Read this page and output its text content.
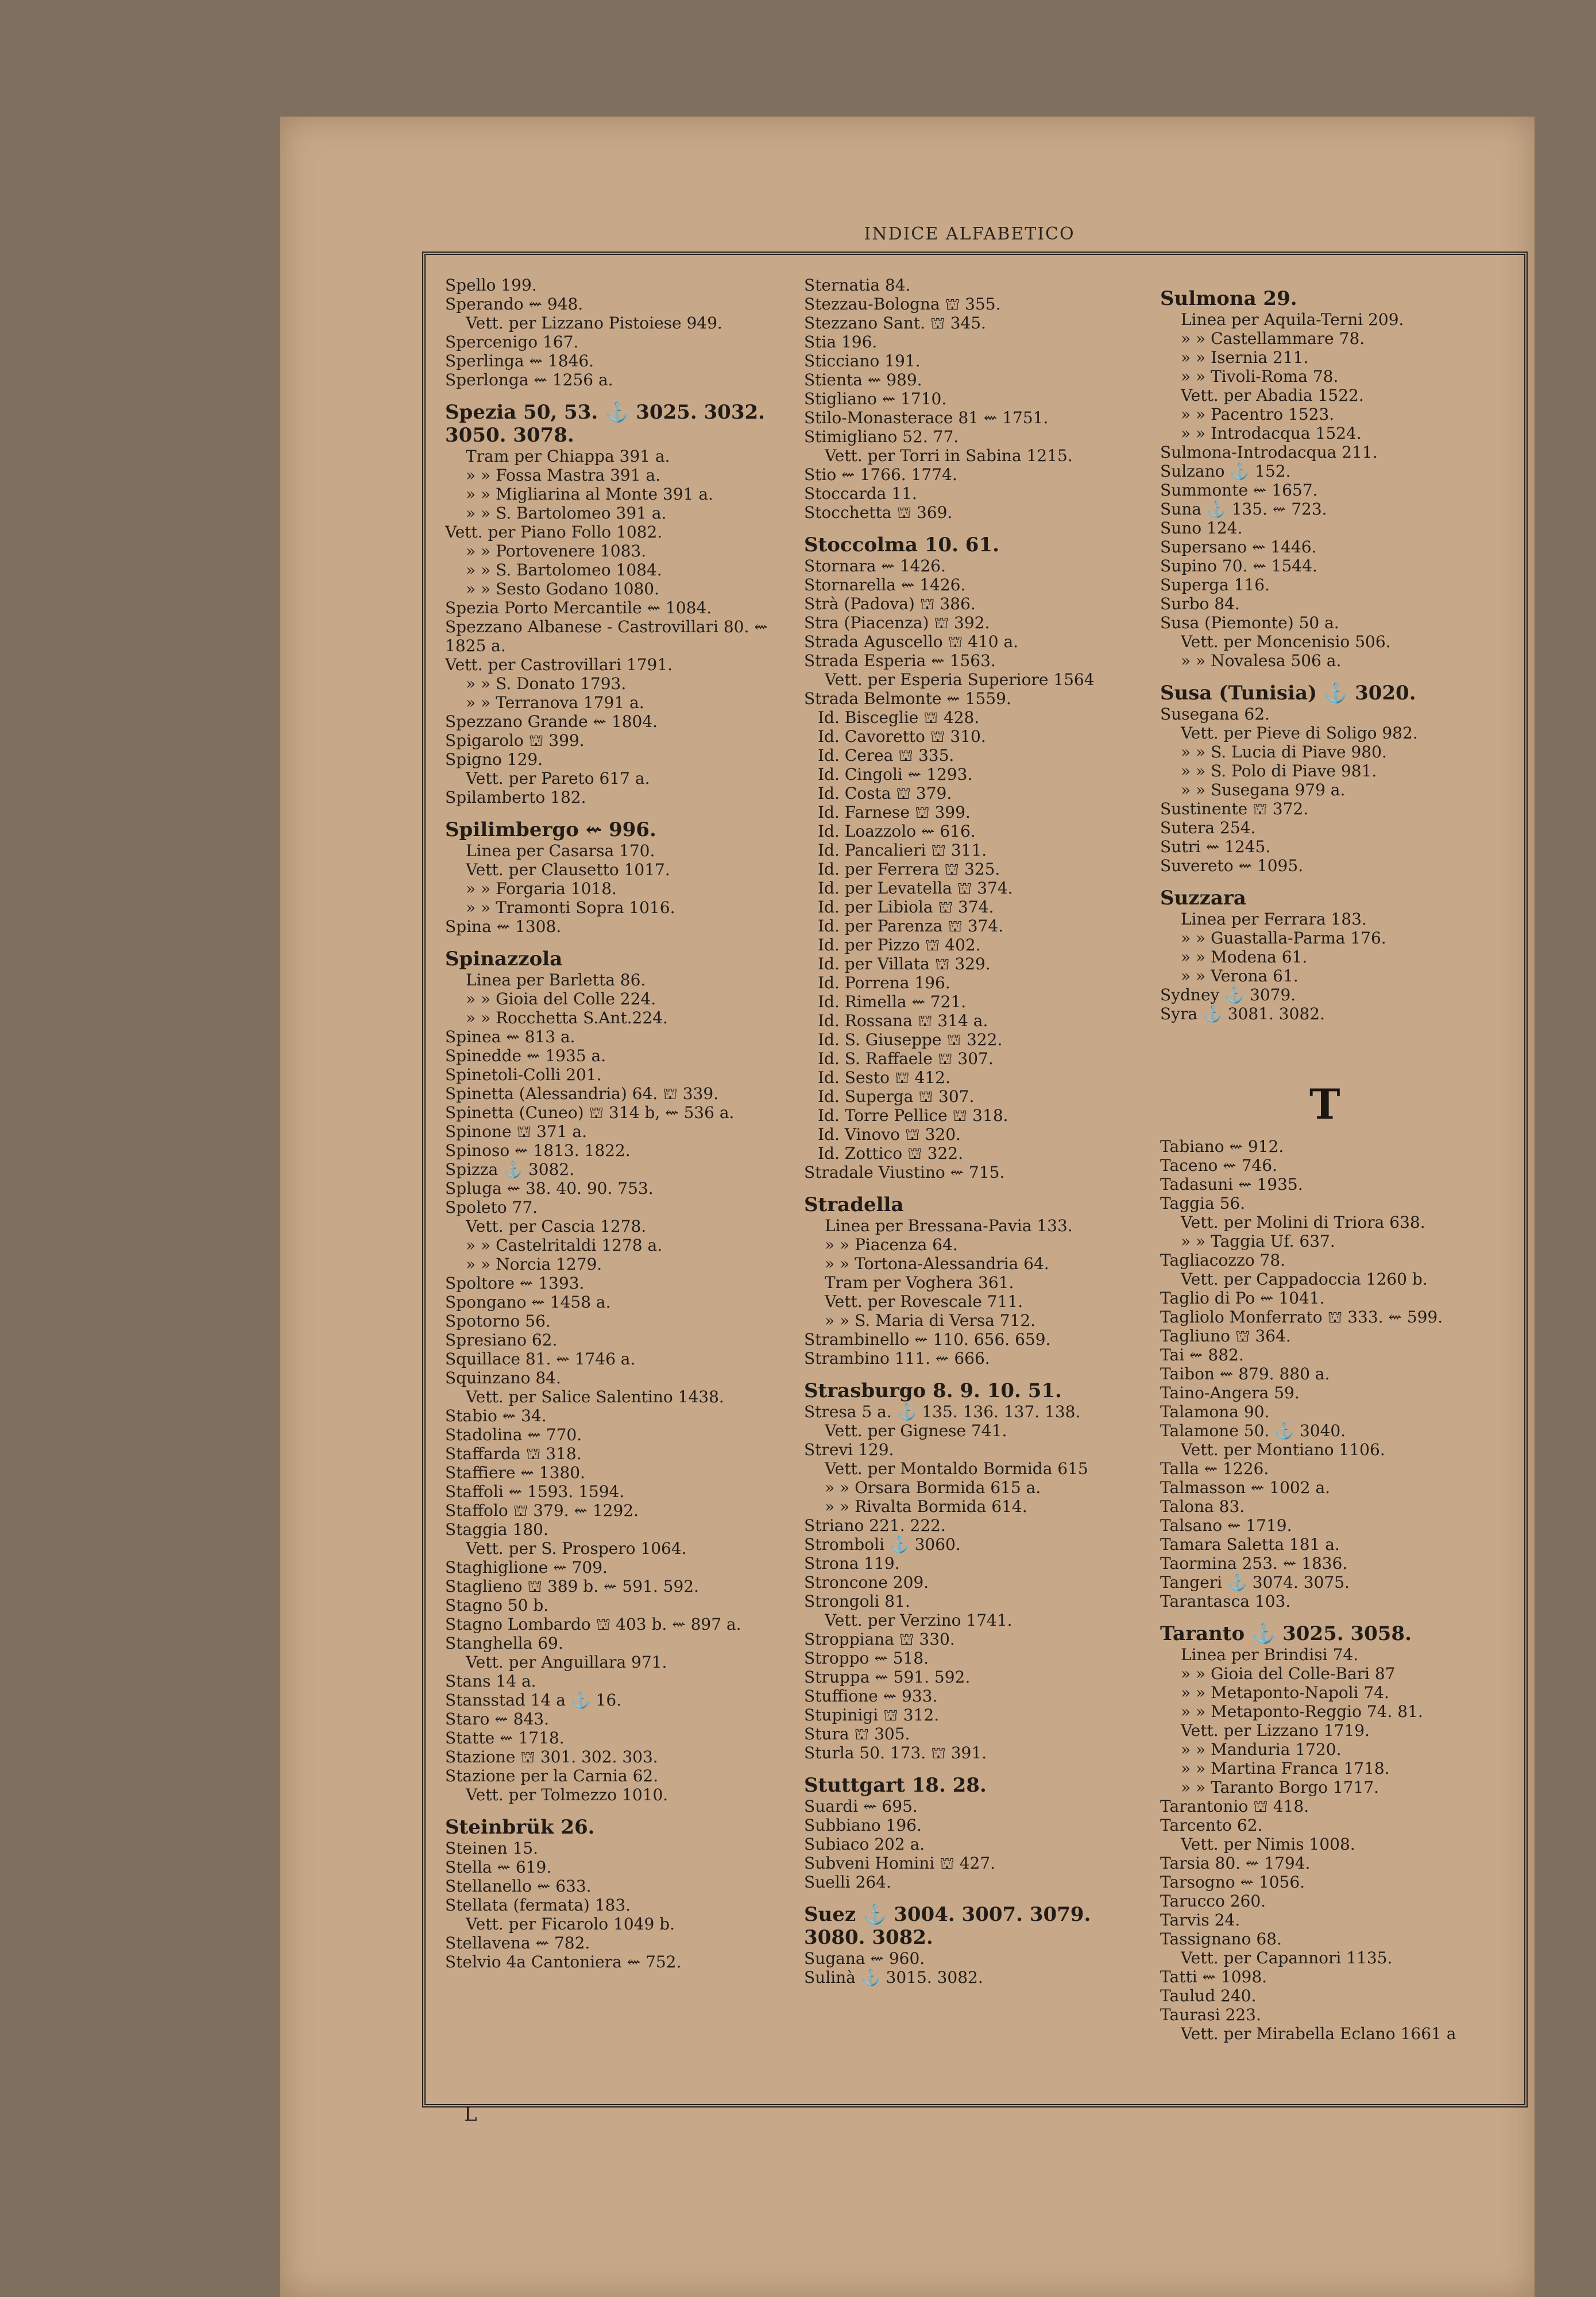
INDICE ALFABETICO
Spello 199.
Sperando ⇜ 948.
Vett. per Lizzano Pistoiese 949.
Spercenigo 167.
Sperlinga ⇜ 1846.
Sperlonga ⇜ 1256 a.
Spezia 50, 53. ⚓ 3025. 3032. 3050. 3078.
Tram per Chiappa 391 a.
» » Fossa Mastra 391 a.
» » Migliarina al Monte 391 a.
» » S. Bartolomeo 391 a.
Vett. per Piano Follo 1082.
» » Portovenere 1083.
» » S. Bartolomeo 1084.
» » Sesto Godano 1080.
Spezia Porto Mercantile ⇜ 1084.
Spezzano Albanese - Castrovillari 80. ⇜ 1825 a.
Vett. per Castrovillari 1791.
» » S. Donato 1793.
» » Terranova 1791 a.
Spezzano Grande ⇜ 1804.
Spigarolo ⛫ 399.
Spigno 129.
Vett. per Pareto 617 a.
Spilamberto 182.
Spilimbergo ⇜ 996.
Linea per Casarsa 170.
Vett. per Clausetto 1017.
» » Forgaria 1018.
» » Tramonti Sopra 1016.
Spina ⇜ 1308.
Spinazzola
Linea per Barletta 86.
» » Gioia del Colle 224.
» » Rocchetta S.Ant.224.
Spinea ⇜ 813 a.
Spinedde ⇜ 1935 a.
Spinetoli-Colli 201.
Spinetta (Alessandria) 64. ⛫ 339.
Spinetta (Cuneo) ⛫ 314 b, ⇜ 536 a.
Spinone ⛫ 371 a.
Spinoso ⇜ 1813. 1822.
Spizza ⚓ 3082.
Spluga ⇜ 38. 40. 90. 753.
Spoleto 77.
Vett. per Cascia 1278.
» » Castelritaldi 1278 a.
» » Norcia 1279.
Spoltore ⇜ 1393.
Spongano ⇜ 1458 a.
Spotorno 56.
Spresiano 62.
Squillace 81. ⇜ 1746 a.
Squinzano 84.
Vett. per Salice Salentino 1438.
Stabio ⇜ 34.
Stadolina ⇜ 770.
Staffarda ⛫ 318.
Staffiere ⇜ 1380.
Staffoli ⇜ 1593. 1594.
Staffolo ⛫ 379. ⇜ 1292.
Staggia 180.
Vett. per S. Prospero 1064.
Staghiglione ⇜ 709.
Staglieno ⛫ 389 b. ⇜ 591. 592.
Stagno 50 b.
Stagno Lombardo ⛫ 403 b. ⇜ 897 a.
Stanghella 69.
Vett. per Anguillara 971.
Stans 14 a.
Stansstad 14 a ⚓ 16.
Staro ⇜ 843.
Statte ⇜ 1718.
Stazione ⛫ 301. 302. 303.
Stazione per la Carnia 62.
Vett. per Tolmezzo 1010.
Steinbrük 26.
Steinen 15.
Stella ⇜ 619.
Stellanello ⇜ 633.
Stellata (fermata) 183.
Vett. per Ficarolo 1049 b.
Stellavena ⇜ 782.
Stelvio 4a Cantoniera ⇜ 752.
Sternatia 84.
Stezzau-Bologna ⛫ 355.
Stezzano Sant. ⛫ 345.
Stia 196.
Sticciano 191.
Stienta ⇜ 989.
Stigliano ⇜ 1710.
Stilo-Monasterace 81 ⇜ 1751.
Stimigliano 52. 77.
Vett. per Torri in Sabina 1215.
Stio ⇜ 1766. 1774.
Stoccarda 11.
Stocchetta ⛫ 369.
Stoccolma 10. 61.
Stornara ⇜ 1426.
Stornarella ⇜ 1426.
Strà (Padova) ⛫ 386.
Stra (Piacenza) ⛫ 392.
Strada Aguscello ⛫ 410 a.
Strada Esperia ⇜ 1563.
Vett. per Esperia Superiore 1564
Strada Belmonte ⇜ 1559.
Id. Bisceglie ⛫ 428.
Id. Cavoretto ⛫ 310.
Id. Cerea ⛫ 335.
Id. Cingoli ⇜ 1293.
Id. Costa ⛫ 379.
Id. Farnese ⛫ 399.
Id. Loazzolo ⇜ 616.
Id. Pancalieri ⛫ 311.
Id. per Ferrera ⛫ 325.
Id. per Levatella ⛫ 374.
Id. per Libiola ⛫ 374.
Id. per Parenza ⛫ 374.
Id. per Pizzo ⛫ 402.
Id. per Villata ⛫ 329.
Id. Porrena 196.
Id. Rimella ⇜ 721.
Id. Rossana ⛫ 314 a.
Id. S. Giuseppe ⛫ 322.
Id. S. Raffaele ⛫ 307.
Id. Sesto ⛫ 412.
Id. Superga ⛫ 307.
Id. Torre Pellice ⛫ 318.
Id. Vinovo ⛫ 320.
Id. Zottico ⛫ 322.
Stradale Viustino ⇜ 715.
Stradella
Linea per Bressana-Pavia 133.
» » Piacenza 64.
» » Tortona-Alessandria 64.
Tram per Voghera 361.
Vett. per Rovescale 711.
» » S. Maria di Versa 712.
Strambinello ⇜ 110. 656. 659.
Strambino 111. ⇜ 666.
Strasburgo 8. 9. 10. 51.
Stresa 5 a. ⚓ 135. 136. 137. 138.
Vett. per Gignese 741.
Strevi 129.
Vett. per Montaldo Bormida 615
» » Orsara Bormida 615 a.
» » Rivalta Bormida 614.
Striano 221. 222.
Stromboli ⚓ 3060.
Strona 119.
Stroncone 209.
Strongoli 81.
Vett. per Verzino 1741.
Stroppiana ⛫ 330.
Stroppo ⇜ 518.
Struppa ⇜ 591. 592.
Stuffione ⇜ 933.
Stupinigi ⛫ 312.
Stura ⛫ 305.
Sturla 50. 173. ⛫ 391.
Stuttgart 18. 28.
Suardi ⇜ 695.
Subbiano 196.
Subiaco 202 a.
Subveni Homini ⛫ 427.
Suelli 264.
Suez ⚓ 3004. 3007. 3079. 3080. 3082.
Sugana ⇜ 960.
Sulinà ⚓ 3015. 3082.
Sulmona 29.
Linea per Aquila-Terni 209.
» » Castellammare 78.
» » Isernia 211.
» » Tivoli-Roma 78.
Vett. per Abadia 1522.
» » Pacentro 1523.
» » Introdacqua 1524.
Sulmona-Introdacqua 211.
Sulzano ⚓ 152.
Summonte ⇜ 1657.
Suna ⚓ 135. ⇜ 723.
Suno 124.
Supersano ⇜ 1446.
Supino 70. ⇜ 1544.
Superga 116.
Surbo 84.
Susa (Piemonte) 50 a.
Vett. per Moncenisio 506.
» » Novalesa 506 a.
Susa (Tunisia) ⚓ 3020.
Susegana 62.
Vett. per Pieve di Soligo 982.
» » S. Lucia di Piave 980.
» » S. Polo di Piave 981.
» » Susegana 979 a.
Sustinente ⛫ 372.
Sutera 254.
Sutri ⇜ 1245.
Suvereto ⇜ 1095.
Suzzara
Linea per Ferrara 183.
» » Guastalla-Parma 176.
» » Modena 61.
» » Verona 61.
Sydney ⚓ 3079.
Syra ⚓ 3081. 3082.

Tabiano ⇜ 912.
Taceno ⇜ 746.
Tadasuni ⇜ 1935.
Taggia 56.
Vett. per Molini di Triora 638.
» » Taggia Uf. 637.
Tagliacozzo 78.
Vett. per Cappadoccia 1260 b.
Taglio di Po ⇜ 1041.
Tagliolo Monferrato ⛫ 333. ⇜ 599.
Tagliuno ⛫ 364.
Tai ⇜ 882.
Taibon ⇜ 879. 880 a.
Taino-Angera 59.
Talamona 90.
Talamone 50. ⚓ 3040.
Vett. per Montiano 1106.
Talla ⇜ 1226.
Talmasson ⇜ 1002 a.
Talona 83.
Talsano ⇜ 1719.
Tamara Saletta 181 a.
Taormina 253. ⇜ 1836.
Tangeri ⚓ 3074. 3075.
Tarantasca 103.
Taranto ⚓ 3025. 3058.
Linea per Brindisi 74.
» » Gioia del Colle-Bari 87
» » Metaponto-Napoli 74.
» » Metaponto-Reggio 74. 81.
Vett. per Lizzano 1719.
» » Manduria 1720.
» » Martina Franca 1718.
» » Taranto Borgo 1717.
Tarantonio ⛫ 418.
Tarcento 62.
Vett. per Nimis 1008.
Tarsia 80. ⇜ 1794.
Tarsogno ⇜ 1056.
Tarucco 260.
Tarvis 24.
Tassignano 68.
Vett. per Capannori 1135.
Tatti ⇜ 1098.
Taulud 240.
Taurasi 223.
Vett. per Mirabella Eclano 1661 a
T
L
